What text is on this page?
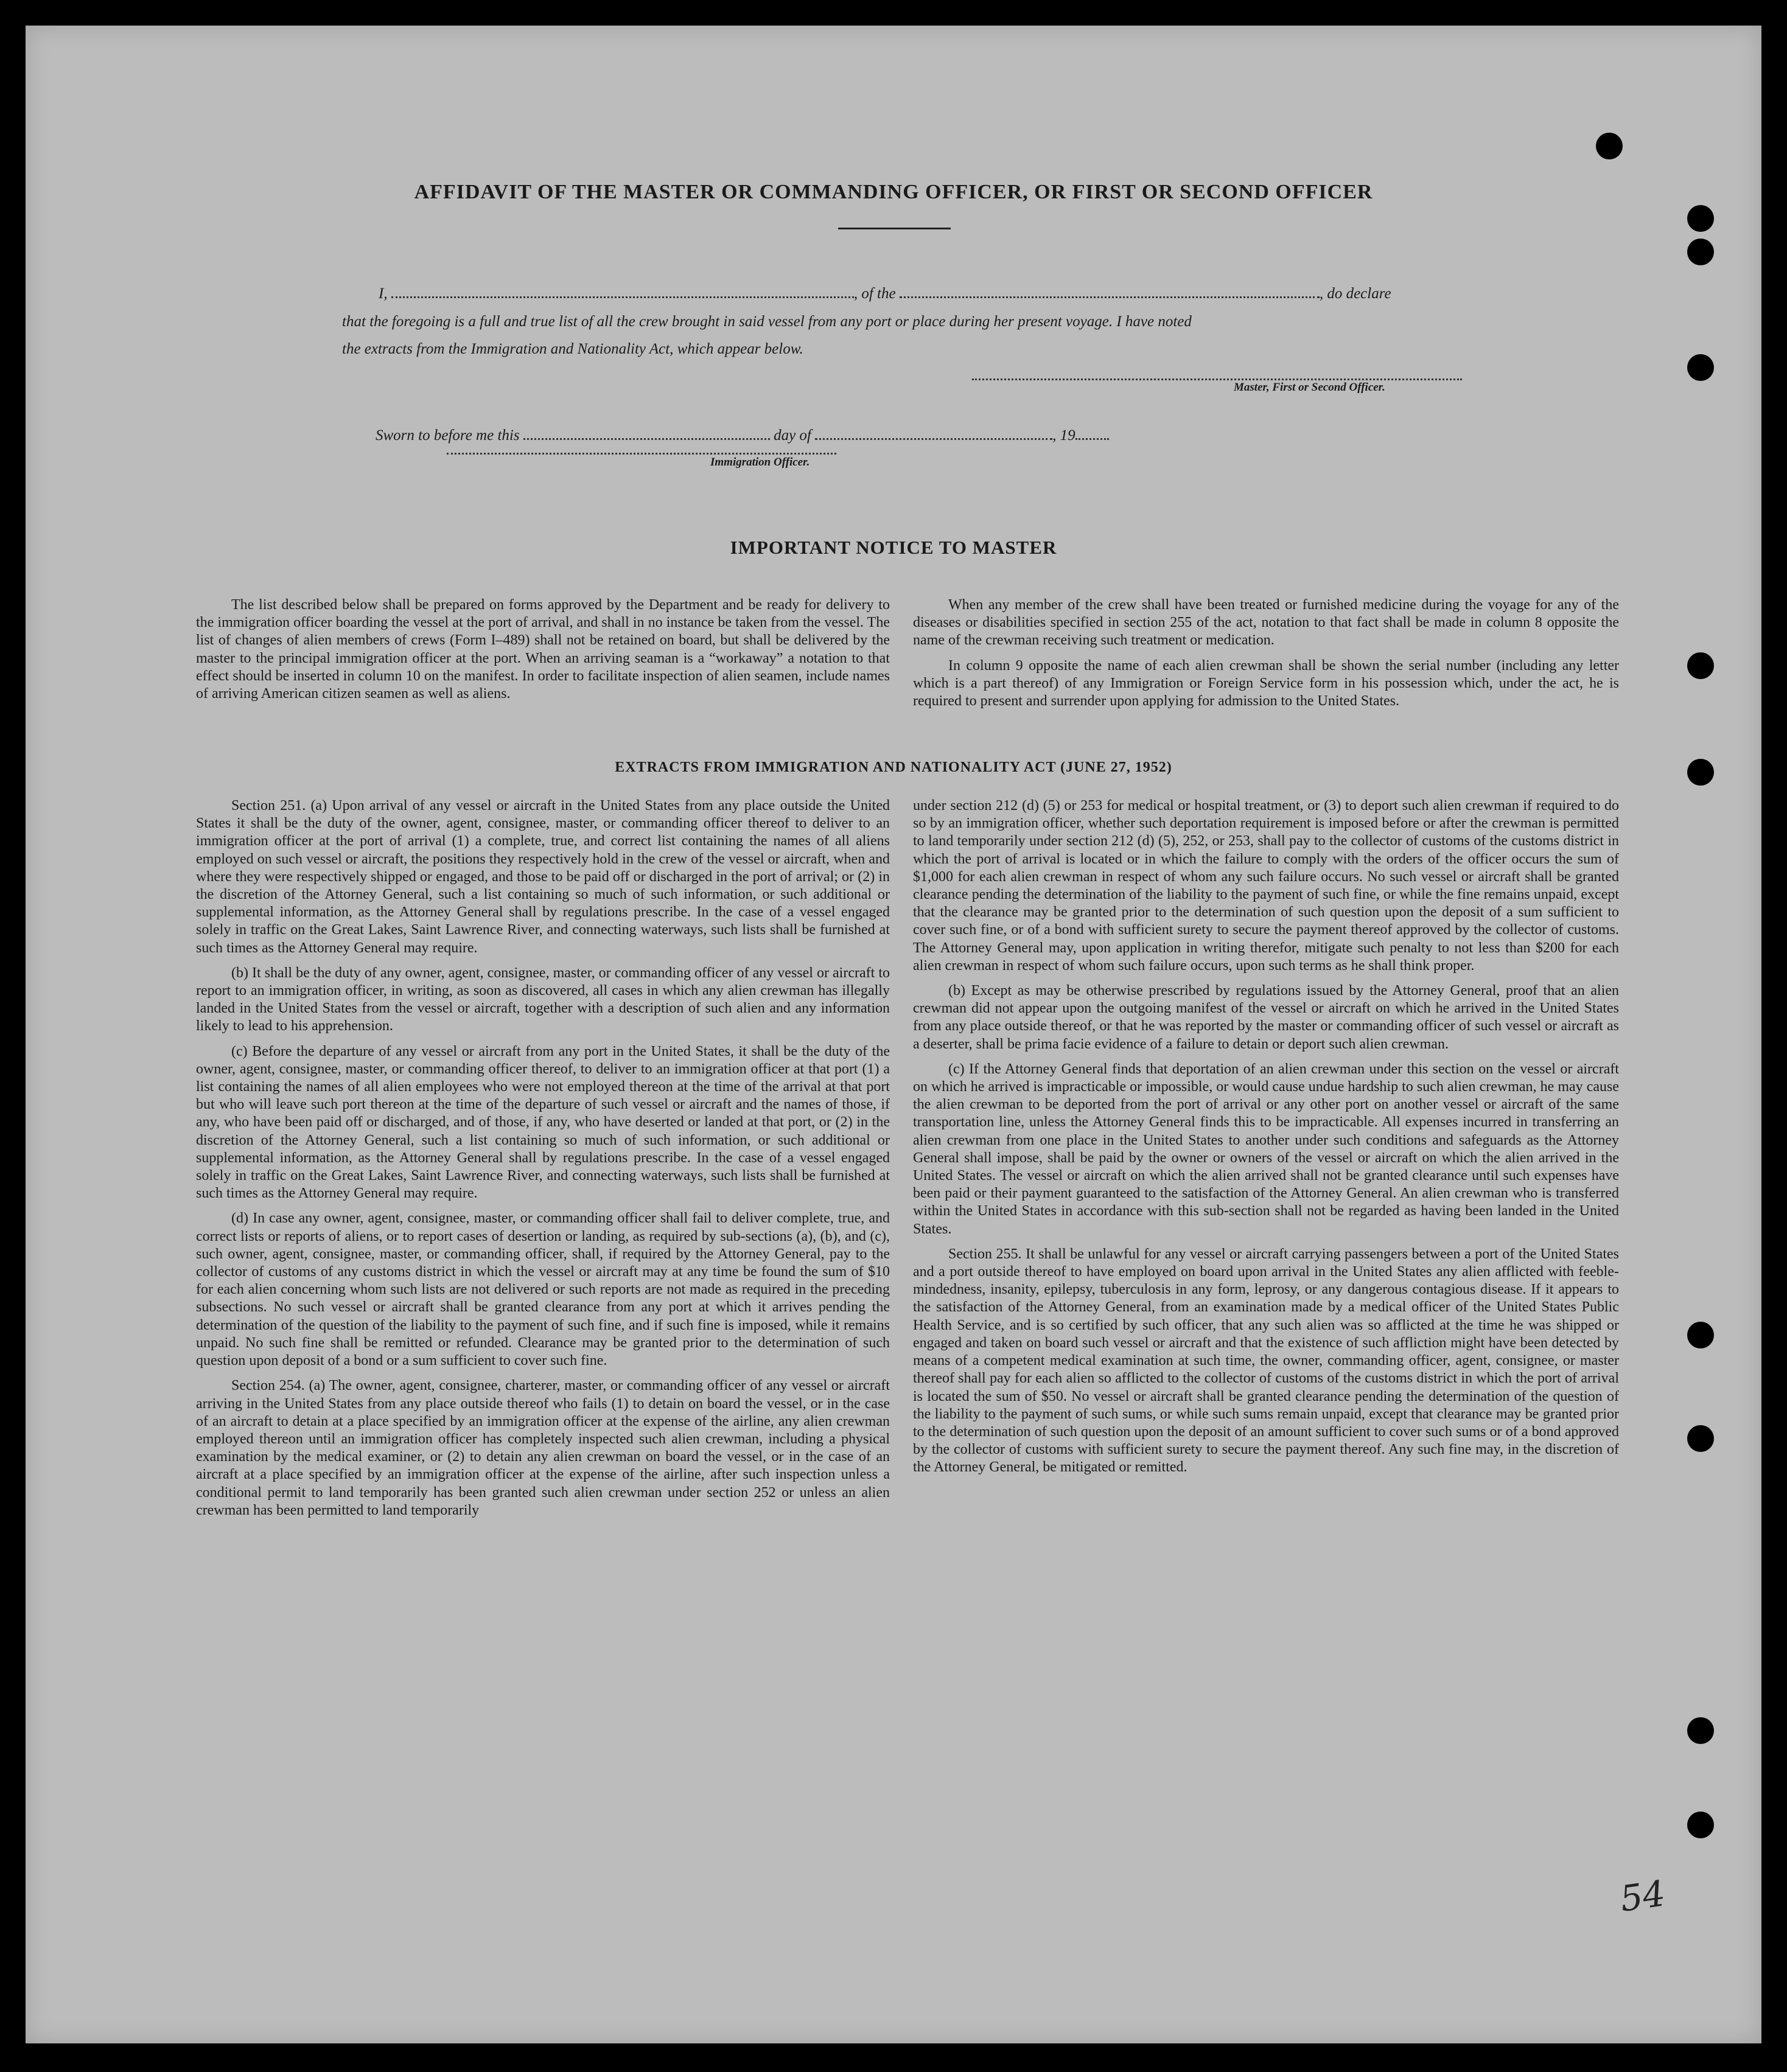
AFFIDAVIT OF THE MASTER OR COMMANDING OFFICER, OR FIRST OR SECOND OFFICER
I,	, of the	, do declare
that the foregoing is a full and true list of all the crew brought in said vessel from any port or place during her present voyage. I have noted
the extracts from the Immigration and Nationality Act, which appear below.
Master, First or Second Officer.
Sworn to before me this	day of	, 19
Immigration Officer.
IMPORTANT NOTICE TO MASTER

The list described below shall be prepared on forms approved by the Department and be ready for delivery to the immigration officer boarding the vessel at the port of arrival, and shall in no instance be taken from the vessel. The list of changes of alien members of crews (Form I–489) shall not be retained on board, but shall be delivered by the master to the principal immigration officer at the port. When an arriving seaman is a “workaway” a notation to that effect should be inserted in column 10 on the manifest. In order to facilitate inspection of alien seamen, include names of arriving American citizen seamen as well as aliens.

When any member of the crew shall have been treated or furnished medicine during the voyage for any of the diseases or disabilities specified in section 255 of the act, notation to that fact shall be made in column 8 opposite the name of the crewman receiving such treatment or medication.

In column 9 opposite the name of each alien crewman shall be shown the serial number (including any letter which is a part thereof) of any Immigration or Foreign Service form in his possession which, under the act, he is required to present and surrender upon applying for admission to the United States.

EXTRACTS FROM IMMIGRATION AND NATIONALITY ACT (JUNE 27, 1952)

Section 251. (a) Upon arrival of any vessel or aircraft in the United States from any place outside the United States it shall be the duty of the owner, agent, consignee, master, or commanding officer thereof to deliver to an immigration officer at the port of arrival (1) a complete, true, and correct list containing the names of all aliens employed on such vessel or aircraft, the positions they respectively hold in the crew of the vessel or aircraft, when and where they were respectively shipped or engaged, and those to be paid off or discharged in the port of arrival; or (2) in the discretion of the Attorney General, such a list containing so much of such information, or such additional or supplemental information, as the Attorney General shall by regulations prescribe. In the case of a vessel engaged solely in traffic on the Great Lakes, Saint Lawrence River, and connecting waterways, such lists shall be furnished at such times as the Attorney General may require.

(b) It shall be the duty of any owner, agent, consignee, master, or commanding officer of any vessel or aircraft to report to an immigration officer, in writing, as soon as discovered, all cases in which any alien crewman has illegally landed in the United States from the vessel or aircraft, together with a description of such alien and any information likely to lead to his apprehension.

(c) Before the departure of any vessel or aircraft from any port in the United States, it shall be the duty of the owner, agent, consignee, master, or commanding officer thereof, to deliver to an immigration officer at that port (1) a list containing the names of all alien employees who were not employed thereon at the time of the arrival at that port but who will leave such port thereon at the time of the departure of such vessel or aircraft and the names of those, if any, who have been paid off or discharged, and of those, if any, who have deserted or landed at that port, or (2) in the discretion of the Attorney General, such a list containing so much of such information, or such additional or supplemental information, as the Attorney General shall by regulations prescribe. In the case of a vessel engaged solely in traffic on the Great Lakes, Saint Lawrence River, and connecting waterways, such lists shall be furnished at such times as the Attorney General may require.

(d) In case any owner, agent, consignee, master, or commanding officer shall fail to deliver complete, true, and correct lists or reports of aliens, or to report cases of desertion or landing, as required by sub-sections (a), (b), and (c), such owner, agent, consignee, master, or commanding officer, shall, if required by the Attorney General, pay to the collector of customs of any customs district in which the vessel or aircraft may at any time be found the sum of $10 for each alien concerning whom such lists are not delivered or such reports are not made as required in the preceding subsections. No such vessel or aircraft shall be granted clearance from any port at which it arrives pending the determination of the question of the liability to the payment of such fine, and if such fine is imposed, while it remains unpaid. No such fine shall be remitted or refunded. Clearance may be granted prior to the determination of such question upon deposit of a bond or a sum sufficient to cover such fine.

Section 254. (a) The owner, agent, consignee, charterer, master, or commanding officer of any vessel or aircraft arriving in the United States from any place outside thereof who fails (1) to detain on board the vessel, or in the case of an aircraft to detain at a place specified by an immigration officer at the expense of the airline, any alien crewman employed thereon until an immigration officer has completely inspected such alien crewman, including a physical examination by the medical examiner, or (2) to detain any alien crewman on board the vessel, or in the case of an aircraft at a place specified by an immigration officer at the expense of the airline, after such inspection unless a conditional permit to land temporarily has been granted such alien crewman under section 252 or unless an alien crewman has been permitted to land temporarily

under section 212 (d) (5) or 253 for medical or hospital treatment, or (3) to deport such alien crewman if required to do so by an immigration officer, whether such deportation requirement is imposed before or after the crewman is permitted to land temporarily under section 212 (d) (5), 252, or 253, shall pay to the collector of customs of the customs district in which the port of arrival is located or in which the failure to comply with the orders of the officer occurs the sum of $1,000 for each alien crewman in respect of whom any such failure occurs. No such vessel or aircraft shall be granted clearance pending the determination of the liability to the payment of such fine, or while the fine remains unpaid, except that the clearance may be granted prior to the determination of such question upon the deposit of a sum sufficient to cover such fine, or of a bond with sufficient surety to secure the payment thereof approved by the collector of customs. The Attorney General may, upon application in writing therefor, mitigate such penalty to not less than $200 for each alien crewman in respect of whom such failure occurs, upon such terms as he shall think proper.

(b) Except as may be otherwise prescribed by regulations issued by the Attorney General, proof that an alien crewman did not appear upon the outgoing manifest of the vessel or aircraft on which he arrived in the United States from any place outside thereof, or that he was reported by the master or commanding officer of such vessel or aircraft as a deserter, shall be prima facie evidence of a failure to detain or deport such alien crewman.

(c) If the Attorney General finds that deportation of an alien crewman under this section on the vessel or aircraft on which he arrived is impracticable or impossible, or would cause undue hardship to such alien crewman, he may cause the alien crewman to be deported from the port of arrival or any other port on another vessel or aircraft of the same transportation line, unless the Attorney General finds this to be impracticable. All expenses incurred in transferring an alien crewman from one place in the United States to another under such conditions and safeguards as the Attorney General shall impose, shall be paid by the owner or owners of the vessel or aircraft on which the alien arrived in the United States. The vessel or aircraft on which the alien arrived shall not be granted clearance until such expenses have been paid or their payment guaranteed to the satisfaction of the Attorney General. An alien crewman who is transferred within the United States in accordance with this sub-section shall not be regarded as having been landed in the United States.

Section 255. It shall be unlawful for any vessel or aircraft carrying passengers between a port of the United States and a port outside thereof to have employed on board upon arrival in the United States any alien afflicted with feeble-mindedness, insanity, epilepsy, tuberculosis in any form, leprosy, or any dangerous contagious disease. If it appears to the satisfaction of the Attorney General, from an examination made by a medical officer of the United States Public Health Service, and is so certified by such officer, that any such alien was so afflicted at the time he was shipped or engaged and taken on board such vessel or aircraft and that the existence of such affliction might have been detected by means of a competent medical examination at such time, the owner, commanding officer, agent, consignee, or master thereof shall pay for each alien so afflicted to the collector of customs of the customs district in which the port of arrival is located the sum of $50. No vessel or aircraft shall be granted clearance pending the determination of the question of the liability to the payment of such sums, or while such sums remain unpaid, except that clearance may be granted prior to the determination of such question upon the deposit of an amount sufficient to cover such sums or of a bond approved by the collector of customs with sufficient surety to secure the payment thereof. Any such fine may, in the discretion of the Attorney General, be mitigated or remitted.

54
